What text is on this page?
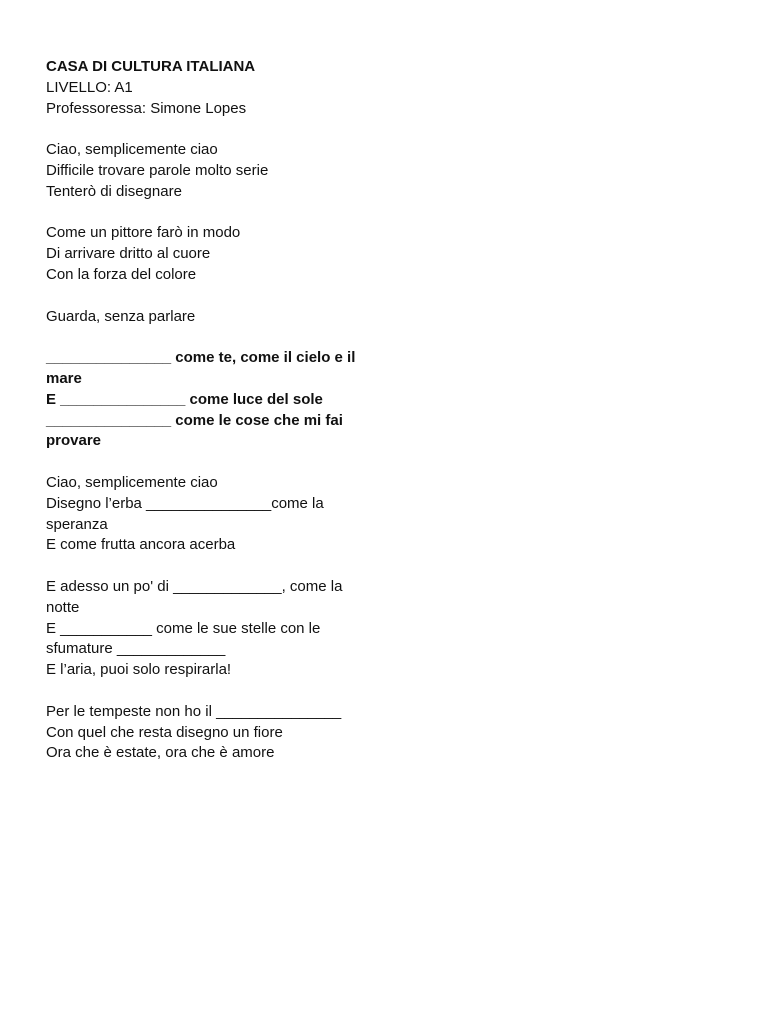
CASA DI CULTURA ITALIANA

LIVELLO: A1

Professoressa: Simone Lopes

Ciao, semplicemente ciao

Difficile trovare parole molto serie

Tenterò di disegnare

Come un pittore farò in modo

Di arrivare dritto al cuore

Con la forza del colore

Guarda, senza parlare

_______________ come te, come il cielo e il

mare

E _______________ come luce del sole

_______________ come le cose che mi fai

provare

Ciao, semplicemente ciao

Disegno l’erba _______________come la

speranza

E come frutta ancora acerba

E adesso un po' di _____________, come la

notte

E ___________ come le sue stelle con le

sfumature _____________

E l’aria, puoi solo respirarla!

Per le tempeste non ho il _______________

Con quel che resta disegno un fiore

Ora che è estate, ora che è amore
